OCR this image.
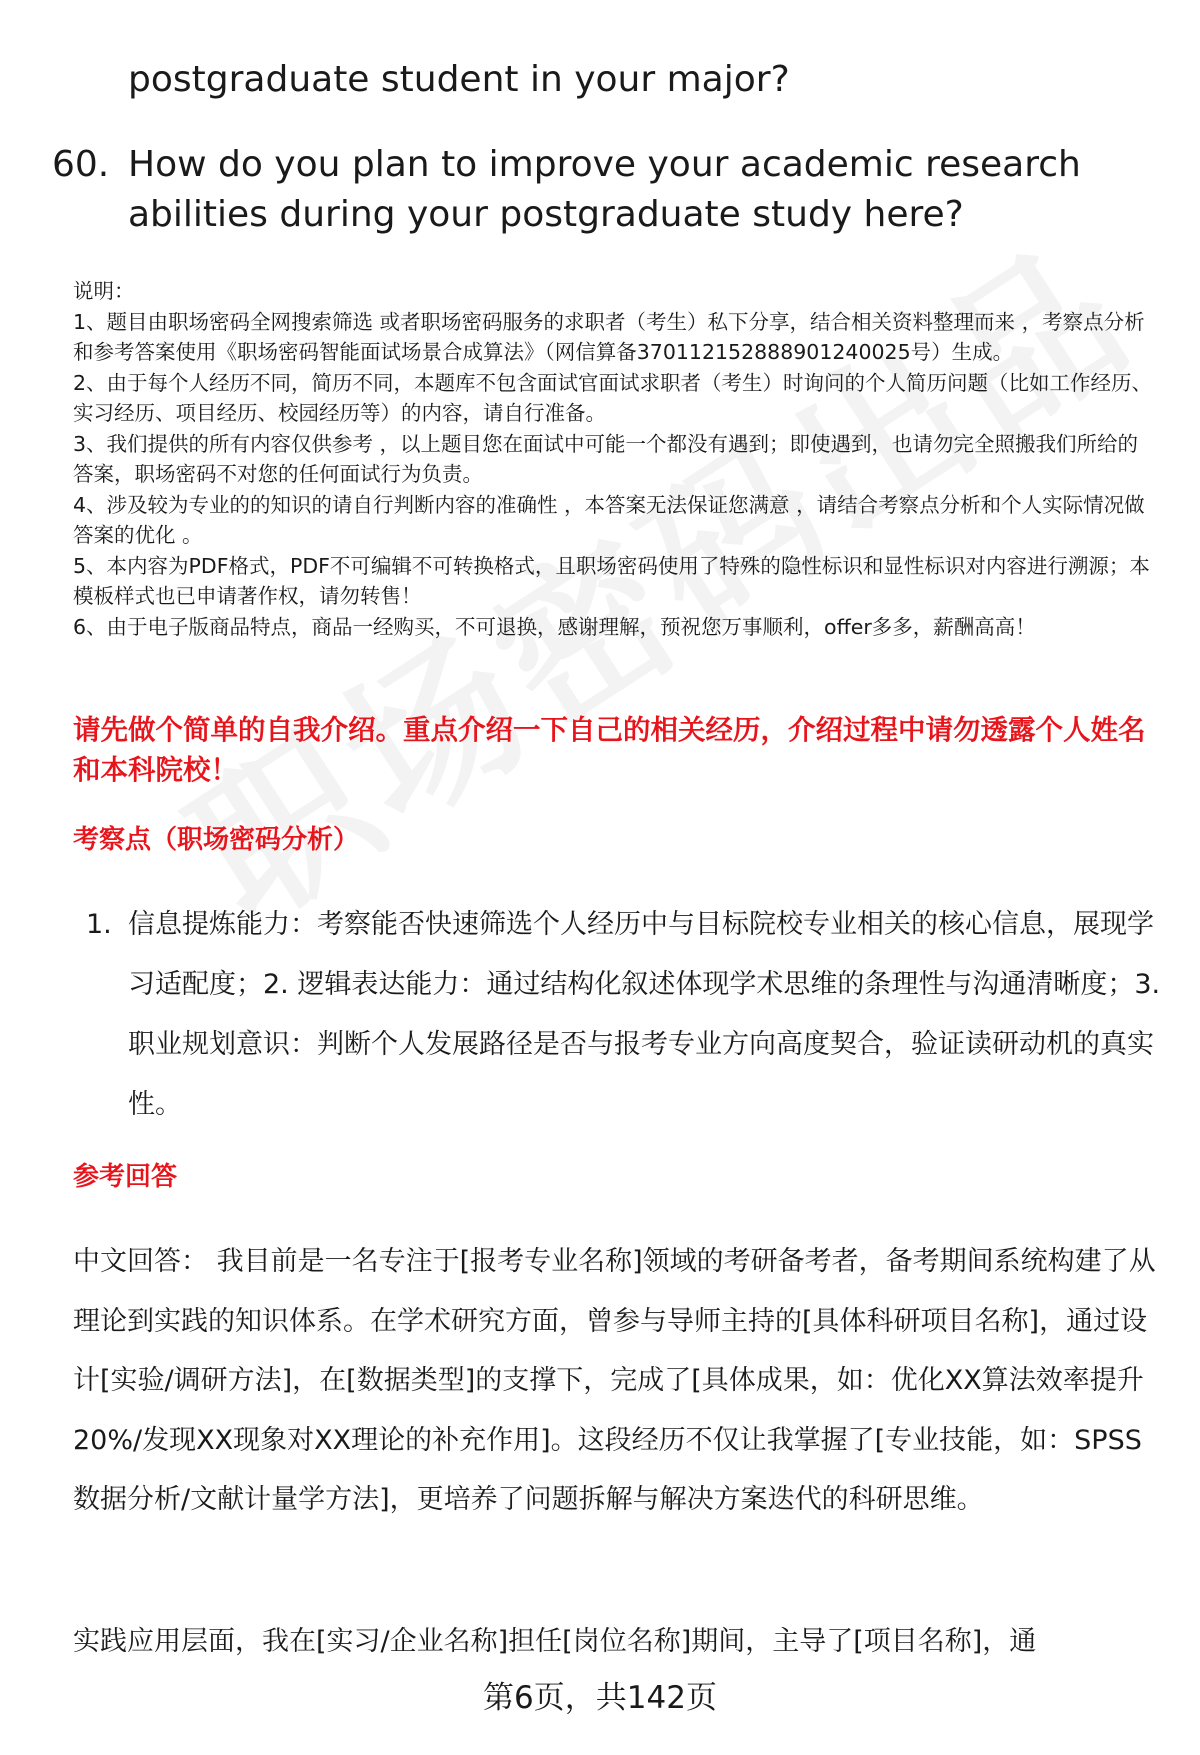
postgraduate student in your major?
60. How do you plan to improve your academic research abilities during your postgraduate study here?

说明：

1、题目由职场密码全网搜索筛选 或者职场密码服务的求职者（考生）私下分享，结合相关资料整理而来 ，考察点分析和参考答案使用《职场密码智能面试场景合成算法》（网信算备370112152888901240025号）生成。

2、由于每个人经历不同，简历不同，本题库不包含面试官面试求职者（考生）时询问的个人简历问题（比如工作经历、实习经历、项目经历、校园经历等）的内容，请自行准备。

3、我们提供的所有内容仅供参考 ，以上题目您在面试中可能一个都没有遇到；即使遇到，也请勿完全照搬我们所给的答案，职场密码不对您的任何面试行为负责。

4、涉及较为专业的的知识的请自行判断内容的准确性 ，本答案无法保证您满意 ，请结合考察点分析和个人实际情况做答案的优化 。

5、本内容为PDF格式，PDF不可编辑不可转换格式，且职场密码使用了特殊的隐性标识和显性标识对内容进行溯源；本模板样式也已申请著作权，请勿转售！

6、由于电子版商品特点，商品一经购买，不可退换，感谢理解，预祝您万事顺利，offer多多，薪酬高高！

请先做个简单的自我介绍。重点介绍一下自己的相关经历，介绍过程中请勿透露个人姓名和本科院校！
考察点（职场密码分析）
1. 信息提炼能力：考察能否快速筛选个人经历中与目标院校专业相关的核心信息，展现学习适配度；2. 逻辑表达能力：通过结构化叙述体现学术思维的条理性与沟通清晰度；3. 职业规划意识：判断个人发展路径是否与报考专业方向高度契合，验证读研动机的真实性。
参考回答

中文回答： 我目前是一名专注于[报考专业名称]领域的考研备考者，备考期间系统构建了从理论到实践的知识体系。在学术研究方面，曾参与导师主持的[具体科研项目名称]，通过设计[实验/调研方法]，在[数据类型]的支撑下，完成了[具体成果，如：优化XX算法效率提升20%/发现XX现象对XX理论的补充作用]。这段经历不仅让我掌握了[专业技能，如：SPSS数据分析/文献计量学方法]，更培养了问题拆解与解决方案迭代的科研思维。

实践应用层面，我在[实习/企业名称]担任[岗位名称]期间，主导了[项目名称]，通

第6页，共142页
